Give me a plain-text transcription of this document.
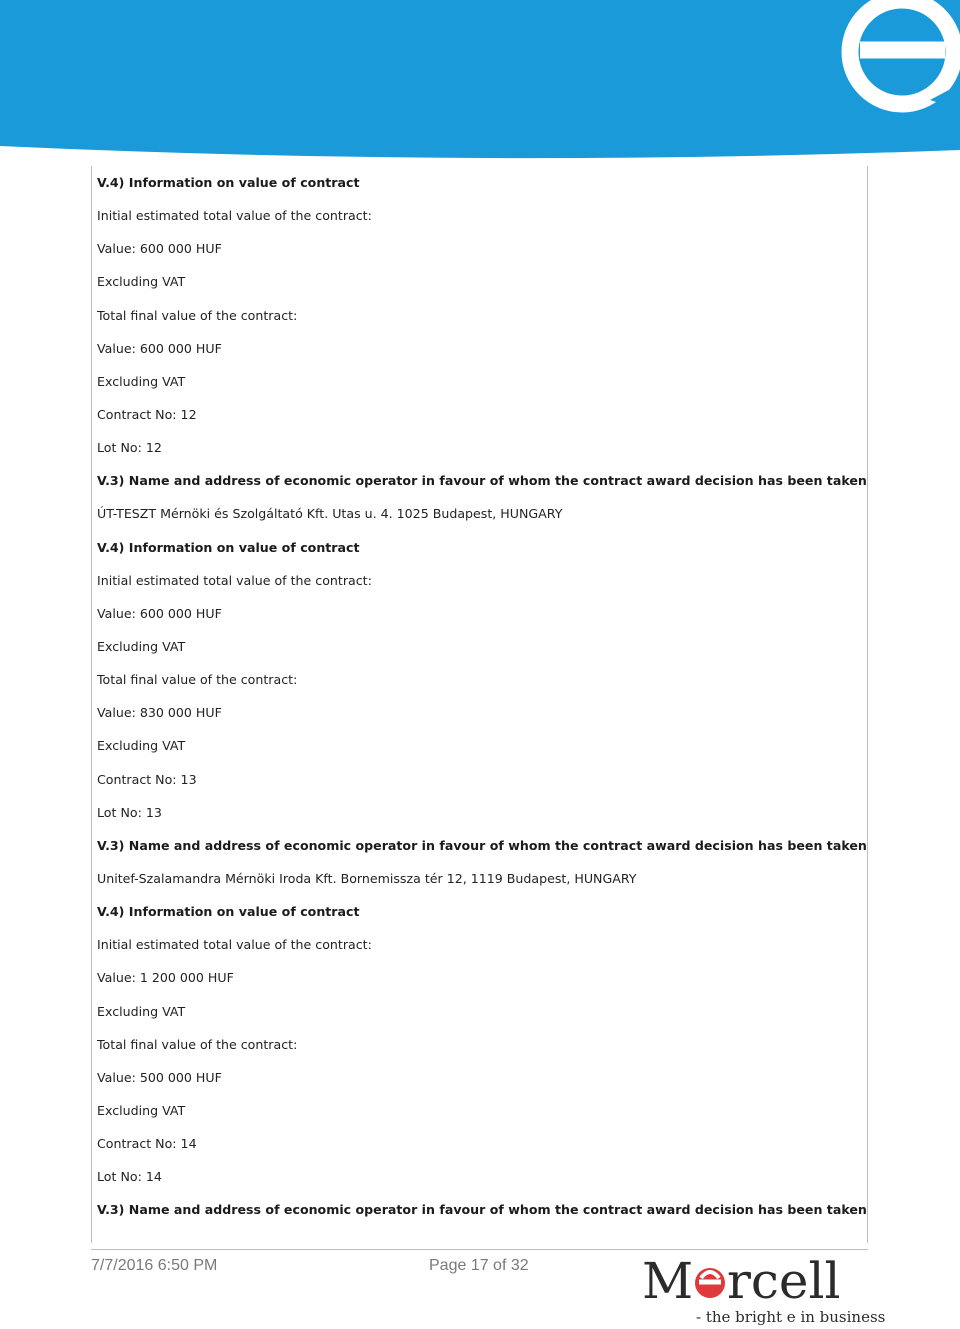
V.4) Information on value of contract
Initial estimated total value of the contract:
Value: 600 000 HUF
Excluding VAT
Total final value of the contract:
Value: 600 000 HUF
Excluding VAT
Contract No: 12
Lot No: 12
V.3) Name and address of economic operator in favour of whom the contract award decision has been taken
ÚT-TESZT Mérnöki és Szolgáltató Kft. Utas u. 4. 1025 Budapest, HUNGARY
V.4) Information on value of contract
Initial estimated total value of the contract:
Value: 600 000 HUF
Excluding VAT
Total final value of the contract:
Value: 830 000 HUF
Excluding VAT
Contract No: 13
Lot No: 13
V.3) Name and address of economic operator in favour of whom the contract award decision has been taken
Unitef-Szalamandra Mérnöki Iroda Kft. Bornemissza tér 12, 1119 Budapest, HUNGARY
V.4) Information on value of contract
Initial estimated total value of the contract:
Value: 1 200 000 HUF
Excluding VAT
Total final value of the contract:
Value: 500 000 HUF
Excluding VAT
Contract No: 14
Lot No: 14
V.3) Name and address of economic operator in favour of whom the contract award decision has been taken
7/7/2016 6:50 PM	Page 17 of 32 M rcell
- the bright e in business
